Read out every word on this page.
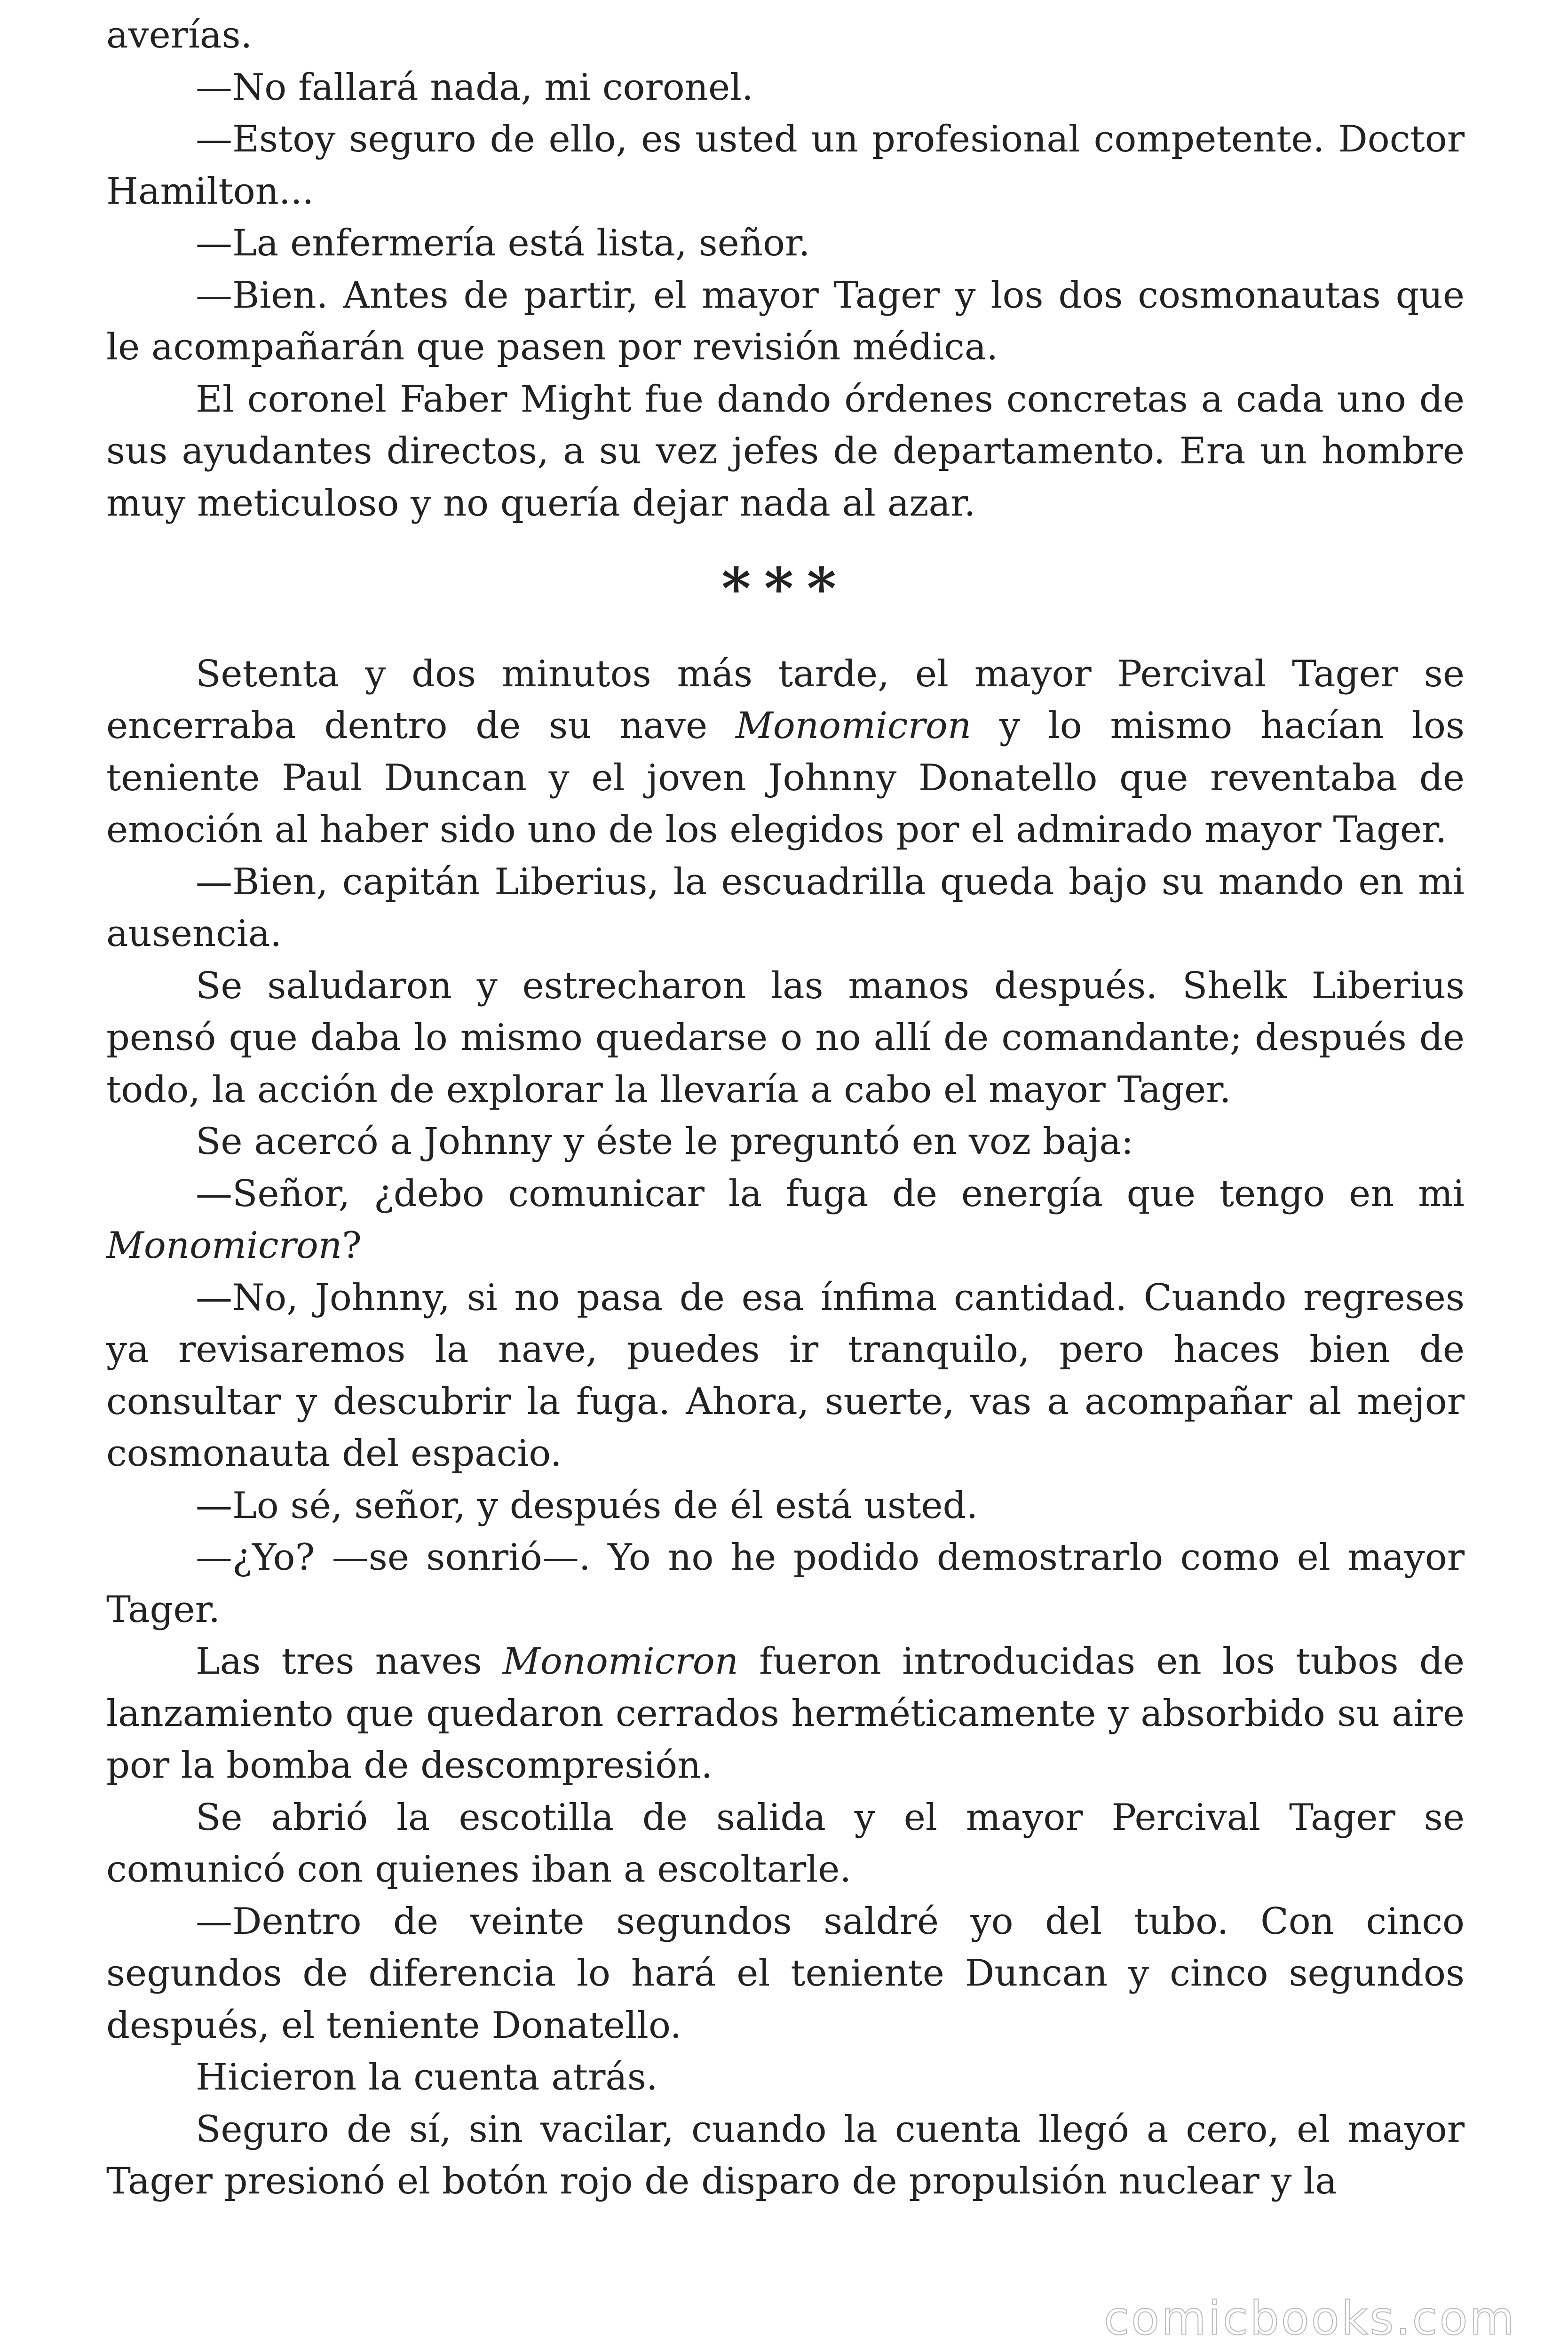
averías.

—No fallará nada, mi coronel.

—Estoy seguro de ello, es usted un profesional competente. Doctor Hamilton...

—La enfermería está lista, señor.

—Bien. Antes de partir, el mayor Tager y los dos cosmonautas que le acompañarán que pasen por revisión médica.

El coronel Faber Might fue dando órdenes concretas a cada uno de sus ayudantes directos, a su vez jefes de departamento. Era un hombre muy meticuloso y no quería dejar nada al azar.

***

Setenta y dos minutos más tarde, el mayor Percival Tager se encerraba dentro de su nave Monomicron y lo mismo hacían los teniente Paul Duncan y el joven Johnny Donatello que reventaba de emoción al haber sido uno de los elegidos por el admirado mayor Tager.

—Bien, capitán Liberius, la escuadrilla queda bajo su mando en mi ausencia.

Se saludaron y estrecharon las manos después. Shelk Liberius pensó que daba lo mismo quedarse o no allí de comandante; después de todo, la acción de explorar la llevaría a cabo el mayor Tager.

Se acercó a Johnny y éste le preguntó en voz baja:

—Señor, ¿debo comunicar la fuga de energía que tengo en mi Monomicron?

—No, Johnny, si no pasa de esa ínfima cantidad. Cuando regreses ya revisaremos la nave, puedes ir tranquilo, pero haces bien de consultar y descubrir la fuga. Ahora, suerte, vas a acompañar al mejor cosmonauta del espacio.

—Lo sé, señor, y después de él está usted.

—¿Yo? —se sonrió—. Yo no he podido demostrarlo como el mayor Tager.

Las tres naves Monomicron fueron introducidas en los tubos de lanzamiento que quedaron cerrados herméticamente y absorbido su aire por la bomba de descompresión.

Se abrió la escotilla de salida y el mayor Percival Tager se comunicó con quienes iban a escoltarle.

—Dentro de veinte segundos saldré yo del tubo. Con cinco segundos de diferencia lo hará el teniente Duncan y cinco segundos después, el teniente Donatello.

Hicieron la cuenta atrás.

Seguro de sí, sin vacilar, cuando la cuenta llegó a cero, el mayor Tager presionó el botón rojo de disparo de propulsión nuclear y la

comicbooks.com
